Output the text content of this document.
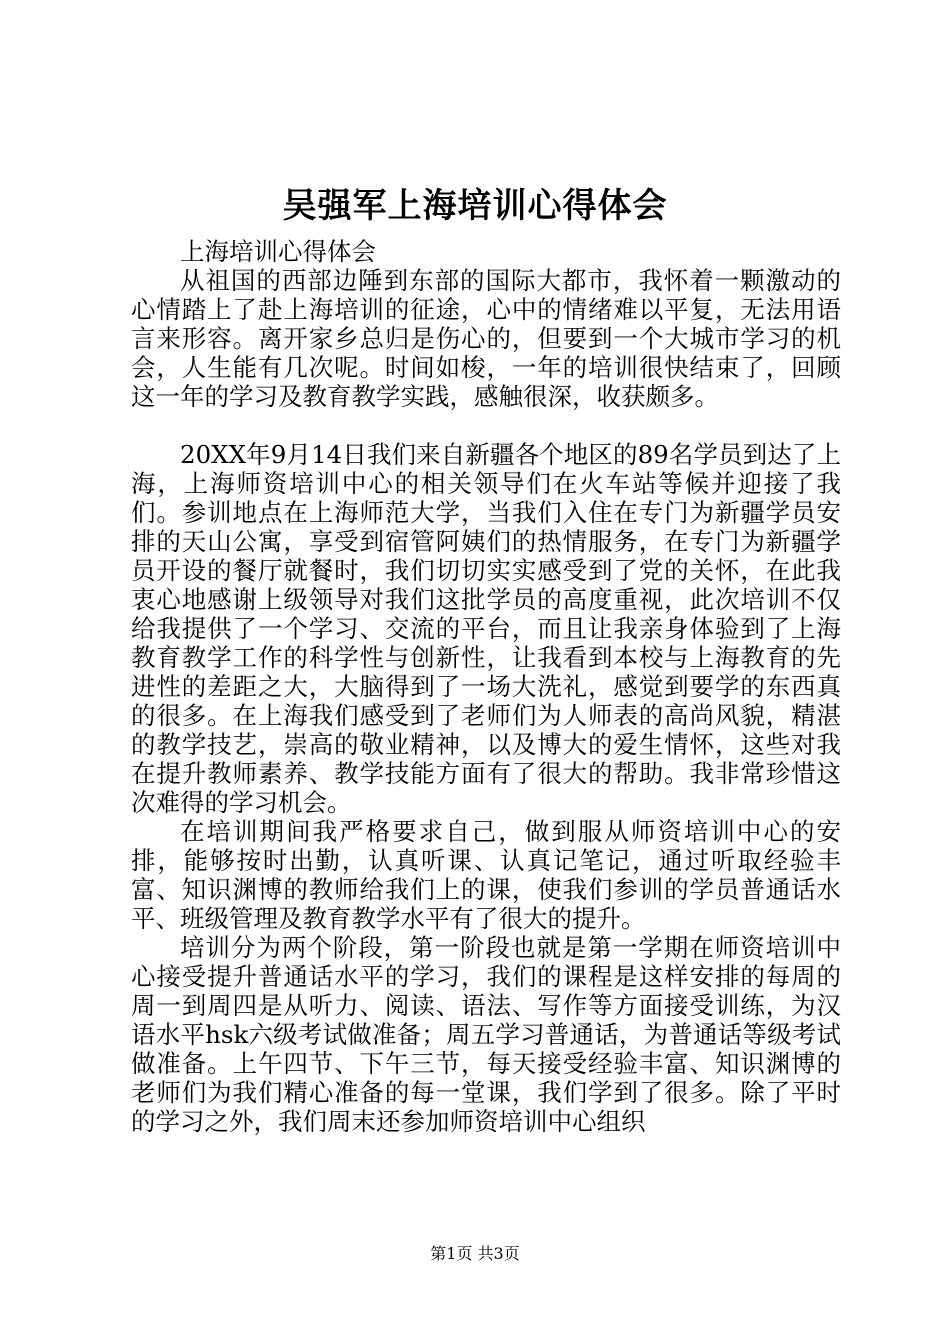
吴强军上海培训心得体会

上海培训心得体会

从祖国的西部边陲到东部的国际大都市，我怀着一颗激动的心情踏上了赴上海培训的征途，心中的情绪难以平复，无法用语言来形容。离开家乡总归是伤心的，但要到一个大城市学习的机会，人生能有几次呢。时间如梭，一年的培训很快结束了，回顾这一年的学习及教育教学实践，感触很深，收获颇多。

20XX年9月14日我们来自新疆各个地区的89名学员到达了上海，上海师资培训中心的相关领导们在火车站等候并迎接了我们。参训地点在上海师范大学，当我们入住在专门为新疆学员安排的天山公寓，享受到宿管阿姨们的热情服务，在专门为新疆学员开设的餐厅就餐时，我们切切实实感受到了党的关怀，在此我衷心地感谢上级领导对我们这批学员的高度重视，此次培训不仅给我提供了一个学习、交流的平台，而且让我亲身体验到了上海教育教学工作的科学性与创新性，让我看到本校与上海教育的先进性的差距之大，大脑得到了一场大洗礼，感觉到要学的东西真的很多。在上海我们感受到了老师们为人师表的高尚风貌，精湛的教学技艺，崇高的敬业精神，以及博大的爱生情怀，这些对我在提升教师素养、教学技能方面有了很大的帮助。我非常珍惜这次难得的学习机会。

在培训期间我严格要求自己，做到服从师资培训中心的安排，能够按时出勤，认真听课、认真记笔记，通过听取经验丰富、知识渊博的教师给我们上的课，使我们参训的学员普通话水平、班级管理及教育教学水平有了很大的提升。

培训分为两个阶段，第一阶段也就是第一学期在师资培训中心接受提升普通话水平的学习，我们的课程是这样安排的每周的周一到周四是从听力、阅读、语法、写作等方面接受训练，为汉语水平hsk六级考试做准备；周五学习普通话，为普通话等级考试做准备。上午四节、下午三节，每天接受经验丰富、知识渊博的老师们为我们精心准备的每一堂课，我们学到了很多。除了平时的学习之外，我们周末还参加师资培训中心组织

第1页 共3页
